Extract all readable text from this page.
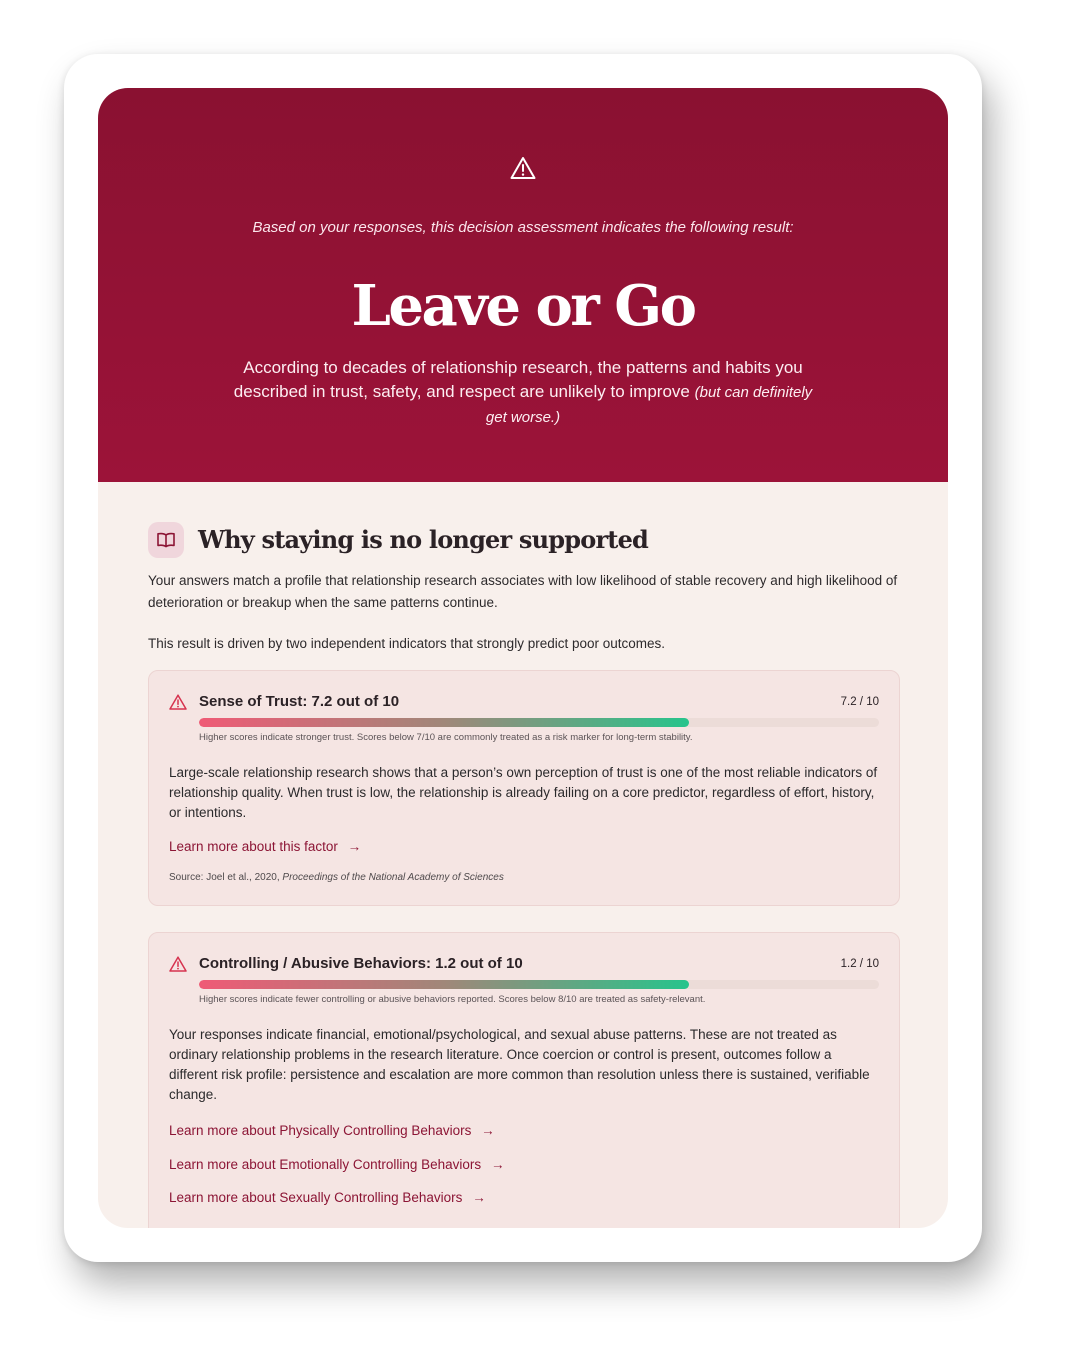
Based on your responses, this decision assessment indicates the following result:
Leave or Go
According to decades of relationship research, the patterns and habits you described in trust, safety, and respect are unlikely to improve (but can definitely get worse.)
Why staying is no longer supported
Your answers match a profile that relationship research associates with low likelihood of stable recovery and high likelihood of deterioration or breakup when the same patterns continue.
This result is driven by two independent indicators that strongly predict poor outcomes.
Sense of Trust: 7.2 out of 10	7.2 / 10
Higher scores indicate stronger trust. Scores below 7/10 are commonly treated as a risk marker for long-term stability.
Large-scale relationship research shows that a person’s own perception of trust is one of the most reliable indicators of relationship quality. When trust is low, the relationship is already failing on a core predictor, regardless of effort, history, or intentions.
Learn more about this factor →
Source: Joel et al., 2020, Proceedings of the National Academy of Sciences
Controlling / Abusive Behaviors: 1.2 out of 10	1.2 / 10
Higher scores indicate fewer controlling or abusive behaviors reported. Scores below 8/10 are treated as safety-relevant.
Your responses indicate financial, emotional/psychological, and sexual abuse patterns. These are not treated as ordinary relationship problems in the research literature. Once coercion or control is present, outcomes follow a different risk profile: persistence and escalation are more common than resolution unless there is sustained, verifiable change.
Learn more about Physically Controlling Behaviors →
Learn more about Emotionally Controlling Behaviors →
Learn more about Sexually Controlling Behaviors →
